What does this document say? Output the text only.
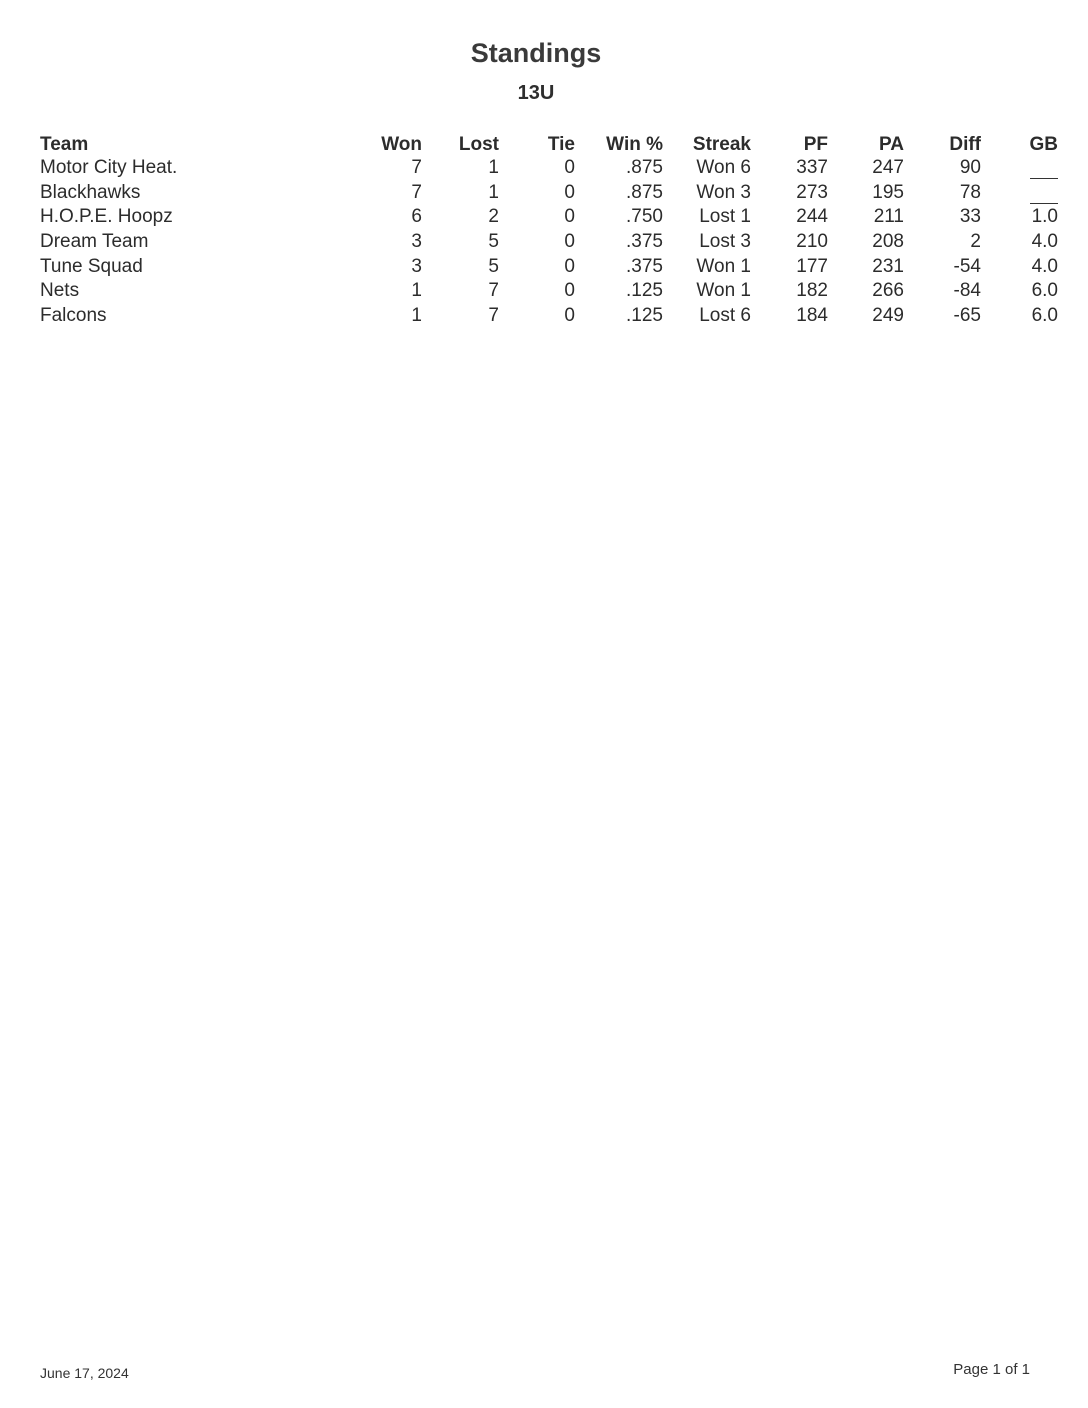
Standings
13U
Team	Won	Lost	Tie	Win %	Streak	PF	PA	Diff	GB
Motor City Heat.	7	1	0	.875	Won 6	337	247	90	
Blackhawks	7	1	0	.875	Won 3	273	195	78	
H.O.P.E. Hoopz	6	2	0	.750	Lost 1	244	211	33	1.0
Dream Team	3	5	0	.375	Lost 3	210	208	2	4.0
Tune Squad	3	5	0	.375	Won 1	177	231	-54	4.0
Nets	1	7	0	.125	Won 1	182	266	-84	6.0
Falcons	1	7	0	.125	Lost 6	184	249	-65	6.0
June 17, 2024	Page 1 of 1
